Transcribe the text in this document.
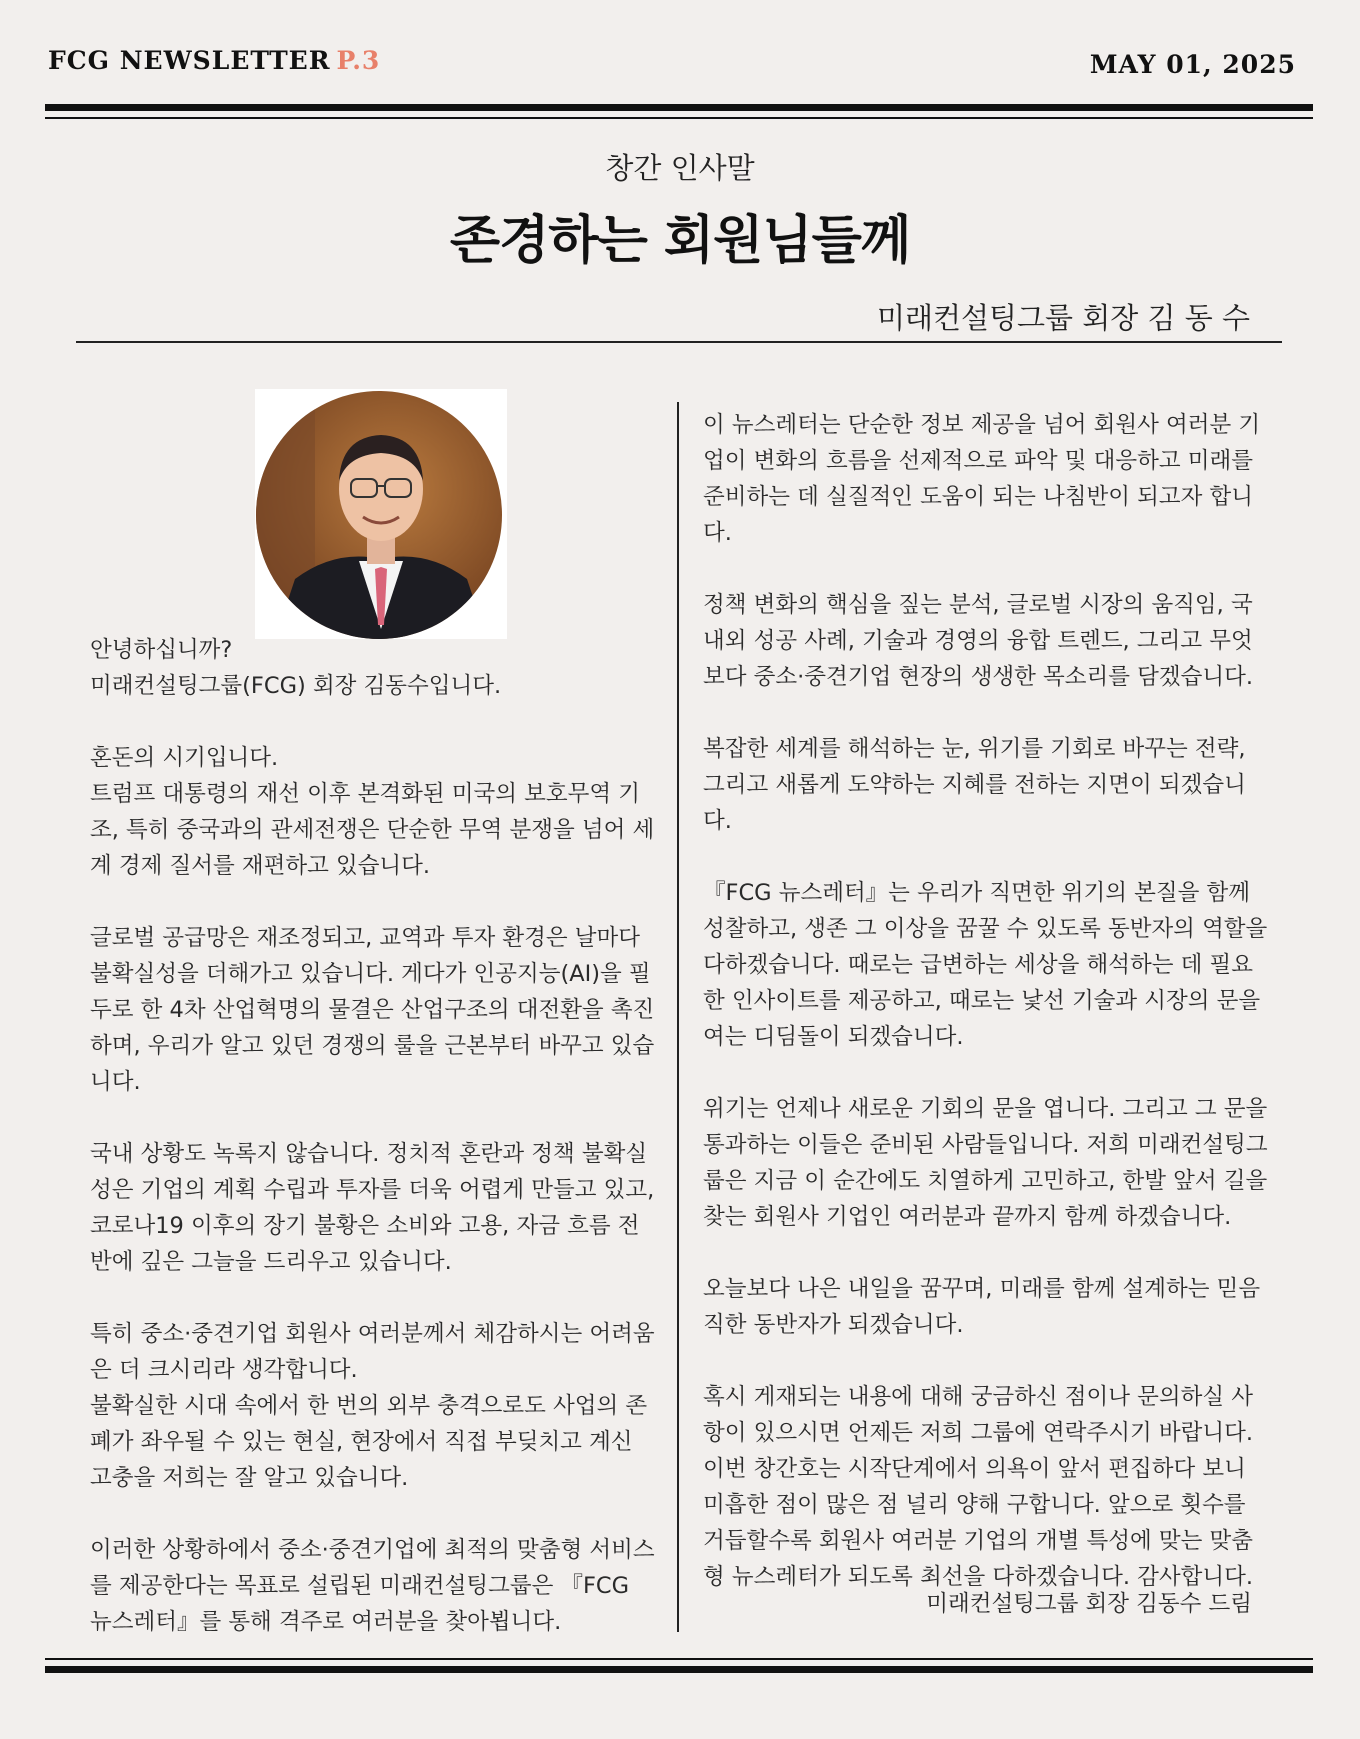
FCG NEWSLETTER P.3	MAY 01, 2025
창간 인사말
존경하는 회원님들께
미래컨설팅그룹 회장 김 동 수

안녕하십니까?
미래컨설팅그룹(FCG) 회장 김동수입니다.

혼돈의 시기입니다.
트럼프 대통령의 재선 이후 본격화된 미국의 보호무역 기조, 특히 중국과의 관세전쟁은 단순한 무역 분쟁을 넘어 세계 경제 질서를 재편하고 있습니다.

글로벌 공급망은 재조정되고, 교역과 투자 환경은 날마다 불확실성을 더해가고 있습니다. 게다가 인공지능(AI)을 필두로 한 4차 산업혁명의 물결은 산업구조의 대전환을 촉진하며, 우리가 알고 있던 경쟁의 룰을 근본부터 바꾸고 있습니다.

국내 상황도 녹록지 않습니다. 정치적 혼란과 정책 불확실성은 기업의 계획 수립과 투자를 더욱 어렵게 만들고 있고, 코로나19 이후의 장기 불황은 소비와 고용, 자금 흐름 전반에 깊은 그늘을 드리우고 있습니다.

특히 중소·중견기업 회원사 여러분께서 체감하시는 어려움은 더 크시리라 생각합니다.
불확실한 시대 속에서 한 번의 외부 충격으로도 사업의 존폐가 좌우될 수 있는 현실, 현장에서 직접 부딪치고 계신 고충을 저희는 잘 알고 있습니다.

이러한 상황하에서 중소·중견기업에 최적의 맞춤형 서비스를 제공한다는 목표로 설립된 미래컨설팅그룹은 『FCG 뉴스레터』를 통해 격주로 여러분을 찾아뵙니다.

이 뉴스레터는 단순한 정보 제공을 넘어 회원사 여러분 기업이 변화의 흐름을 선제적으로 파악 및 대응하고 미래를 준비하는 데 실질적인 도움이 되는 나침반이 되고자 합니다.

정책 변화의 핵심을 짚는 분석, 글로벌 시장의 움직임, 국내외 성공 사례, 기술과 경영의 융합 트렌드, 그리고 무엇보다 중소·중견기업 현장의 생생한 목소리를 담겠습니다.

복잡한 세계를 해석하는 눈, 위기를 기회로 바꾸는 전략, 그리고 새롭게 도약하는 지혜를 전하는 지면이 되겠습니다.

『FCG 뉴스레터』는 우리가 직면한 위기의 본질을 함께 성찰하고, 생존 그 이상을 꿈꿀 수 있도록 동반자의 역할을 다하겠습니다. 때로는 급변하는 세상을 해석하는 데 필요한 인사이트를 제공하고, 때로는 낯선 기술과 시장의 문을 여는 디딤돌이 되겠습니다.

위기는 언제나 새로운 기회의 문을 엽니다. 그리고 그 문을 통과하는 이들은 준비된 사람들입니다. 저희 미래컨설팅그룹은 지금 이 순간에도 치열하게 고민하고, 한발 앞서 길을 찾는 회원사 기업인 여러분과 끝까지 함께 하겠습니다.

오늘보다 나은 내일을 꿈꾸며, 미래를 함께 설계하는 믿음직한 동반자가 되겠습니다.

혹시 게재되는 내용에 대해 궁금하신 점이나 문의하실 사항이 있으시면 언제든 저희 그룹에 연락주시기 바랍니다.
이번 창간호는 시작단계에서 의욕이 앞서 편집하다 보니 미흡한 점이 많은 점 널리 양해 구합니다. 앞으로 횟수를 거듭할수록 회원사 여러분 기업의 개별 특성에 맞는 맞춤형 뉴스레터가 되도록 최선을 다하겠습니다. 감사합니다.

미래컨설팅그룹 회장 김동수 드림
